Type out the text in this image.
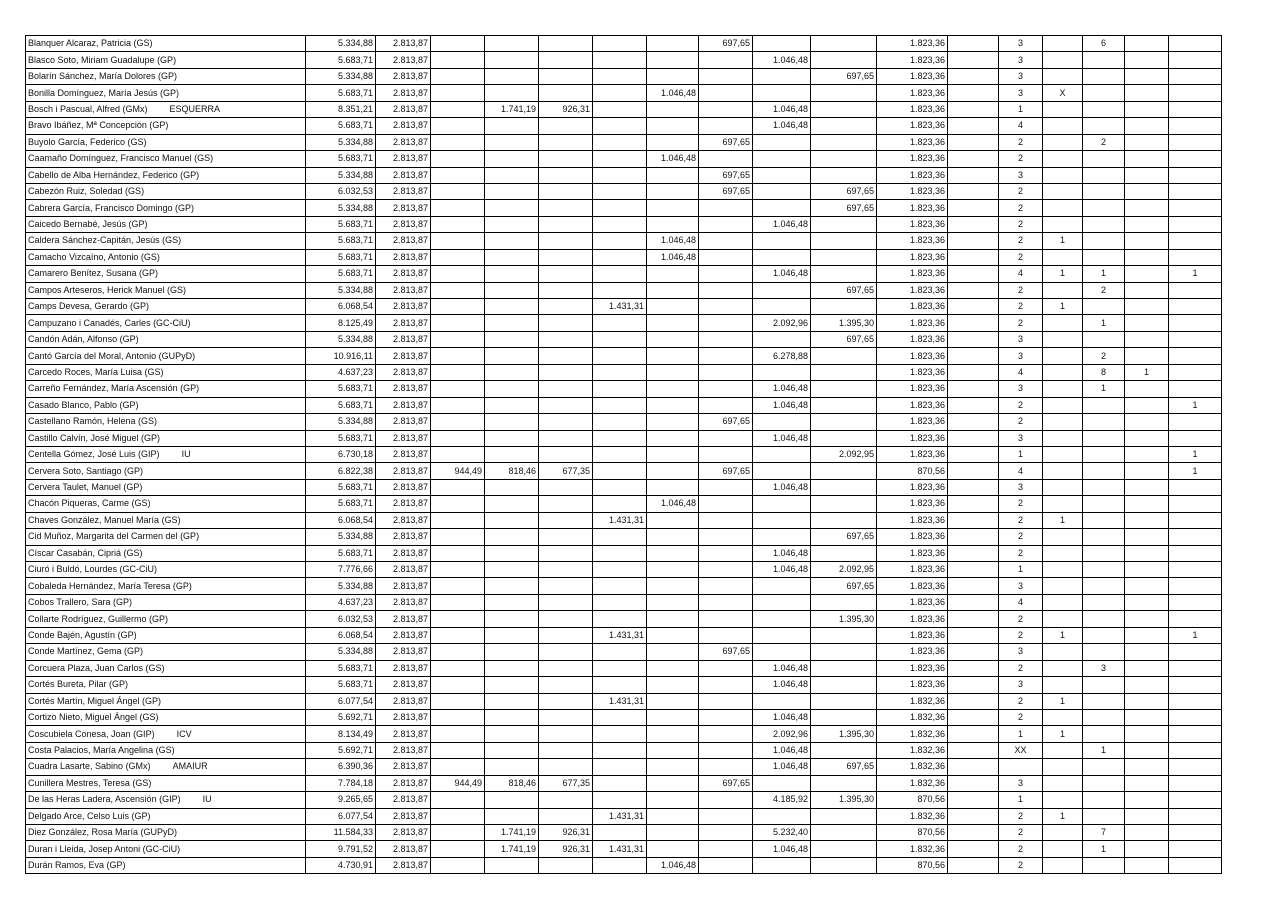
Blanquer Alcaraz, Patricia (GS)	5.334,88	2.813,87						697,65			1.823,36		3		6		
Blasco Soto, Miriam Guadalupe (GP)	5.683,71	2.813,87							1.046,48		1.823,36		3				
Bolarín Sánchez, María Dolores (GP)	5.334,88	2.813,87								697,65	1.823,36		3				
Bonilla Domínguez, María Jesús (GP)	5.683,71	2.813,87					1.046,48				1.823,36		3	X			
Bosch i Pascual, Alfred (GMx) ESQUERRA	8.351,21	2.813,87		1.741,19	926,31				1.046,48		1.823,36		1				
Bravo Ibáñez, Mª Concepción (GP)	5.683,71	2.813,87							1.046,48		1.823,36		4				
Buyolo García, Federico (GS)	5.334,88	2.813,87						697,65			1.823,36		2		2		
Caamaño Domínguez, Francisco Manuel (GS)	5.683,71	2.813,87					1.046,48				1.823,36		2				
Cabello de Alba Hernández, Federico (GP)	5.334,88	2.813,87						697,65			1.823,36		3				
Cabezón Ruiz, Soledad (GS)	6.032,53	2.813,87						697,65		697,65	1.823,36		2				
Cabrera García, Francisco Domingo (GP)	5.334,88	2.813,87								697,65	1.823,36		2				
Caicedo Bernabé, Jesús (GP)	5.683,71	2.813,87							1.046,48		1.823,36		2				
Caldera Sánchez-Capitán, Jesús (GS)	5.683,71	2.813,87					1.046,48				1.823,36		2	1			
Camacho Vizcaíno, Antonio (GS)	5.683,71	2.813,87					1.046,48				1.823,36		2				
Camarero Benítez, Susana (GP)	5.683,71	2.813,87							1.046,48		1.823,36		4	1	1		1
Campos Arteseros, Herick Manuel (GS)	5.334,88	2.813,87								697,65	1.823,36		2		2		
Camps Devesa, Gerardo (GP)	6.068,54	2.813,87				1.431,31					1.823,36		2	1			
Campuzano i Canadés, Carles (GC-CiU)	8.125,49	2.813,87							2.092,96	1.395,30	1.823,36		2		1		
Candón Adán, Alfonso (GP)	5.334,88	2.813,87								697,65	1.823,36		3				
Cantó García del Moral, Antonio (GUPyD)	10.916,11	2.813,87							6.278,88		1.823,36		3		2		
Carcedo Roces, María Luisa (GS)	4.637,23	2.813,87									1.823,36		4		8	1	
Carreño Fernández, María Ascensión (GP)	5.683,71	2.813,87							1.046,48		1.823,36		3		1		
Casado Blanco, Pablo (GP)	5.683,71	2.813,87							1.046,48		1.823,36		2				1
Castellano Ramón, Helena (GS)	5.334,88	2.813,87						697,65			1.823,36		2				
Castillo Calvín, José Miguel (GP)	5.683,71	2.813,87							1.046,48		1.823,36		3				
Centella Gómez, José Luis (GIP) IU	6.730,18	2.813,87								2.092,95	1.823,36		1				1
Cervera Soto, Santiago (GP)	6.822,38	2.813,87	944,49	818,46	677,35			697,65			870,56		4				1
Cervera Taulet, Manuel (GP)	5.683,71	2.813,87							1.046,48		1.823,36		3				
Chacón Piqueras, Carme (GS)	5.683,71	2.813,87					1.046,48				1.823,36		2				
Chaves González, Manuel María (GS)	6.068,54	2.813,87				1.431,31					1.823,36		2	1			
Cid Muñoz, Margarita del Carmen del (GP)	5.334,88	2.813,87								697,65	1.823,36		2				
Císcar Casabán, Cipriá (GS)	5.683,71	2.813,87							1.046,48		1.823,36		2				
Ciuró i Buldó, Lourdes (GC-CiU)	7.776,66	2.813,87							1.046,48	2.092,95	1.823,36		1				
Cobaleda Hernández, María Teresa (GP)	5.334,88	2.813,87								697,65	1.823,36		3				
Cobos Trallero, Sara (GP)	4.637,23	2.813,87									1.823,36		4				
Collarte Rodríguez, Guillermo (GP)	6.032,53	2.813,87								1.395,30	1.823,36		2				
Conde Bajén, Agustín (GP)	6.068,54	2.813,87				1.431,31					1.823,36		2	1			1
Conde Martínez, Gema (GP)	5.334,88	2.813,87						697,65			1.823,36		3				
Corcuera Plaza, Juan Carlos (GS)	5.683,71	2.813,87							1.046,48		1.823,36		2		3		
Cortés Bureta, Pilar (GP)	5.683,71	2.813,87							1.046,48		1.823,36		3				
Cortés Martín, Miguel Ángel (GP)	6.077,54	2.813,87				1.431,31					1.832,36		2	1			
Cortizo Nieto, Miguel Ángel (GS)	5.692,71	2.813,87							1.046,48		1.832,36		2				
Coscubiela Conesa, Joan (GIP) ICV	8.134,49	2.813,87							2.092,96	1.395,30	1.832,36		1	1			
Costa Palacios, María Angelina (GS)	5.692,71	2.813,87							1.046,48		1.832,36		XX		1		
Cuadra Lasarte, Sabino (GMx) AMAIUR	6.390,36	2.813,87							1.046,48	697,65	1.832,36						
Cunillera Mestres, Teresa (GS)	7.784,18	2.813,87	944,49	818,46	677,35			697,65			1.832,36		3				
De las Heras Ladera, Ascensión (GIP) IU	9.265,65	2.813,87							4.185,92	1.395,30	870,56		1				
Delgado Arce, Celso Luis (GP)	6.077,54	2.813,87				1.431,31					1.832,36		2	1			
Diez González, Rosa María (GUPyD)	11.584,33	2.813,87		1.741,19	926,31				5.232,40		870,56		2		7		
Duran i Lleida, Josep Antoni (GC-CiU)	9.791,52	2.813,87		1.741,19	926,31	1.431,31			1.046,48		1.832,36		2		1		
Durán Ramos, Eva (GP)	4.730,91	2.813,87					1.046,48				870,56		2				
